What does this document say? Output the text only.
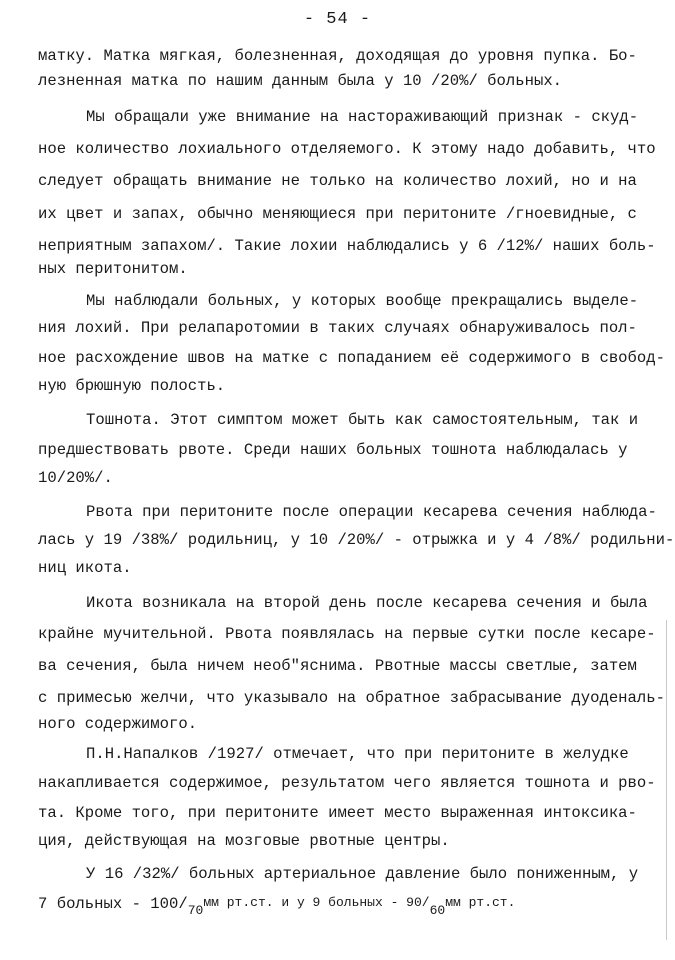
- 54 -
матку. Матка мягкая, болезненная, доходящая до уровня пупка. Бо-
лезненная матка по нашим данным была у 10 /20%/ больных.
Мы обращали уже внимание на настораживающий признак - скуд-
ное количество лохиального отделяемого. К этому надо добавить, что
следует обращать внимание не только на количество лохий, но и на
их цвет и запах, обычно меняющиеся при перитоните /гноевидные, с
неприятным запахом/. Такие лохии наблюдались у 6 /12%/ наших боль-
ных перитонитом.
Мы наблюдали больных, у которых вообще прекращались выделе-
ния лохий. При релапаротомии в таких случаях обнаруживалось пол-
ное расхождение швов на матке с попаданием её содержимого в свобод-
ную брюшную полость.
Тошнота. Этот симптом может быть как самостоятельным, так и
предшествовать рвоте. Среди наших больных тошнота наблюдалась у
10/20%/.
Рвота при перитоните после операции кесарева сечения наблюда-
лась у 19 /38%/ родильниц, у 10 /20%/ - отрыжка и у 4 /8%/ родильни-
ниц икота.
Икота возникала на второй день после кесарева сечения и была
крайне мучительной. Рвота появлялась на первые сутки после кесаре-
ва сечения, была ничем необ"яснима. Рвотные массы светлые, затем
с примесью желчи, что указывало на обратное забрасывание дуоденаль-
ного содержимого.
П.Н.Напалков /1927/ отмечает, что при перитоните в желудке
накапливается содержимое, результатом чего является тошнота и рво-
та. Кроме того, при перитоните имеет место выраженная интоксика-
ция, действующая на мозговые рвотные центры.
У 16 /32%/ больных артериальное давление было пониженным, у
7 больных - $100/_{70}мм$ рт.ст. и у 9 больных - $90/_{60}мм$ рт.ст.
